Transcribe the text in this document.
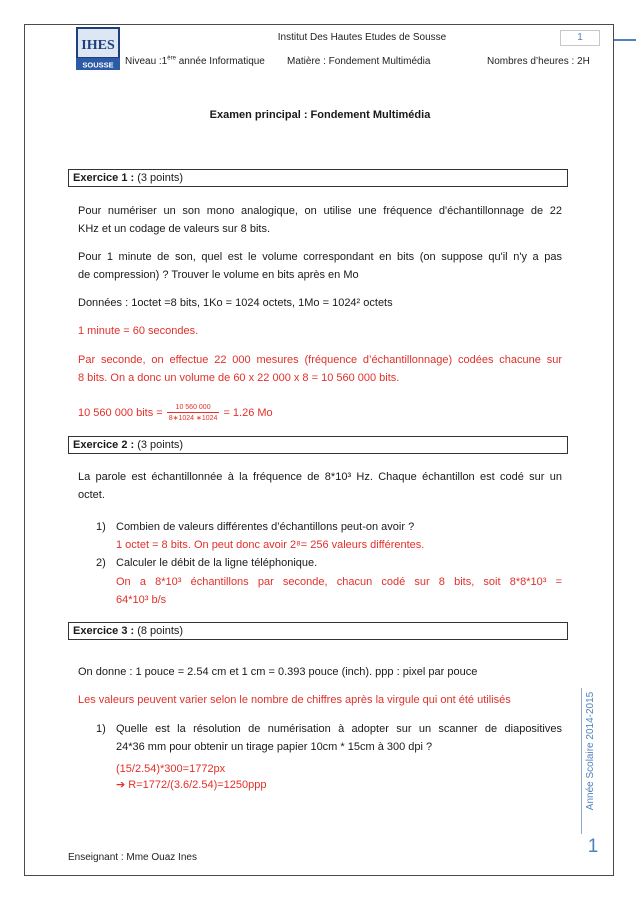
IHES
SOUSSE
Institut Des Hautes Etudes de Sousse	1
Niveau :1ère année Informatique Matière : Fondement Multimédia	Nombres d’heures : 2H
Examen principal : Fondement Multimédia
Exercice 1 : (3 points)
Pour numériser un son mono analogique, on utilise une fréquence d'échantillonnage de 22
KHz et un codage de valeurs sur 8 bits.
Pour 1 minute de son, quel est le volume correspondant en bits (on suppose qu'il n'y a pas
de compression) ? Trouver le volume en bits après en Mo
Données : 1octet =8 bits, 1Ko = 1024 octets, 1Mo = 1024² octets
1 minute = 60 secondes.
Par seconde, on effectue 22 000 mesures (fréquence d’échantillonnage) codées chacune sur
8 bits. On a donc un volume de 60 x 22 000 x 8 = 10 560 000 bits.
10 560 000 bits = $\frac{10 560 000}{8∗1024 ∗1024} = 1.26$ Mo
Exercice 2 : (3 points)
La parole est échantillonnée à la fréquence de 8*10³ Hz. Chaque échantillon est codé sur un
octet.
1) Combien de valeurs différentes d’échantillons peut-on avoir ?
1 octet = 8 bits. On peut donc avoir 2⁸= 256 valeurs différentes.
2) Calculer le débit de la ligne téléphonique.
On a 8*10³ échantillons par seconde, chacun codé sur 8 bits, soit 8*8*10³ =
64*10³ b/s
Exercice 3 : (8 points)
On donne : 1 pouce = 2.54 cm et 1 cm = 0.393 pouce (inch). ppp : pixel par pouce
Les valeurs peuvent varier selon le nombre de chiffres après la virgule qui ont été utilisés
1) Quelle est la résolution de numérisation à adopter sur un scanner de diapositives
24*36 mm pour obtenir un tirage papier 10cm * 15cm à 300 dpi ?
(15/2.54)*300=1772px
➔ R=1772/(3.6/2.54)=1250ppp	Année Scolaire 2014-2015
1
Enseignant : Mme Ouaz Ines
